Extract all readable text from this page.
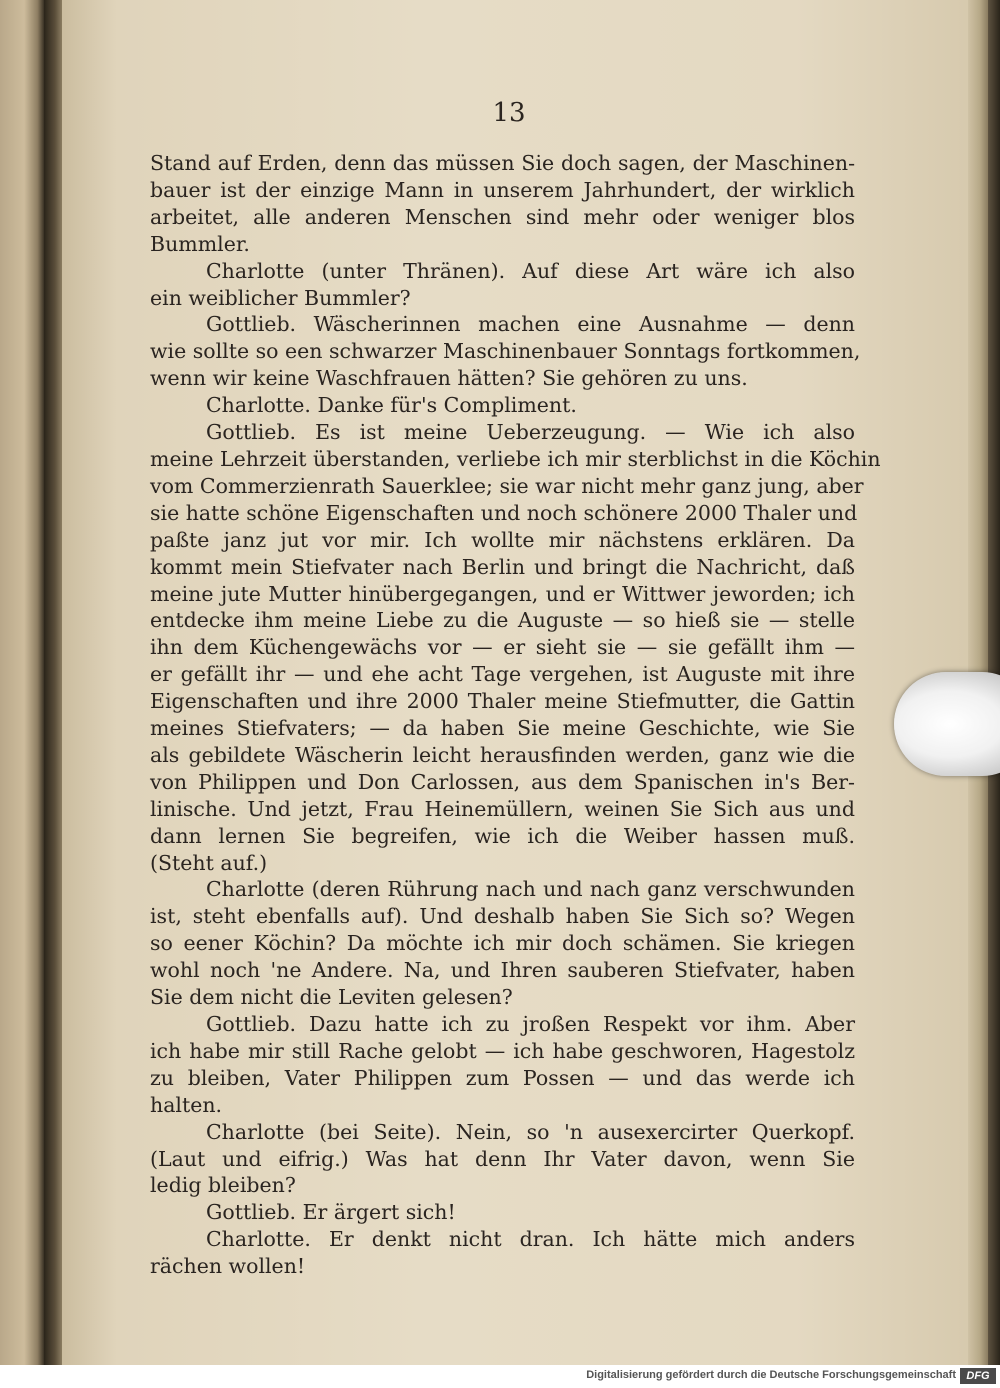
13
Stand auf Erden, denn das müssen Sie doch sagen, der Maschinen-
bauer ist der einzige Mann in unserem Jahrhundert, der wirklich
arbeitet, alle anderen Menschen sind mehr oder weniger blos
Bummler.
Charlotte (unter Thränen). Auf diese Art wäre ich also
ein weiblicher Bummler?
Gottlieb. Wäscherinnen machen eine Ausnahme — denn
wie sollte so een schwarzer Maschinenbauer Sonntags fortkommen,
wenn wir keine Waschfrauen hätten? Sie gehören zu uns.
Charlotte. Danke für's Compliment.
Gottlieb. Es ist meine Ueberzeugung. — Wie ich also
meine Lehrzeit überstanden, verliebe ich mir sterblichst in die Köchin
vom Commerzienrath Sauerklee; sie war nicht mehr ganz jung, aber
sie hatte schöne Eigenschaften und noch schönere 2000 Thaler und
paßte janz jut vor mir. Ich wollte mir nächstens erklären. Da
kommt mein Stiefvater nach Berlin und bringt die Nachricht, daß
meine jute Mutter hinübergegangen, und er Wittwer jeworden; ich
entdecke ihm meine Liebe zu die Auguste — so hieß sie — stelle
ihn dem Küchengewächs vor — er sieht sie — sie gefällt ihm —
er gefällt ihr — und ehe acht Tage vergehen, ist Auguste mit ihre
Eigenschaften und ihre 2000 Thaler meine Stiefmutter, die Gattin
meines Stiefvaters; — da haben Sie meine Geschichte, wie Sie
als gebildete Wäscherin leicht herausfinden werden, ganz wie die
von Philippen und Don Carlossen, aus dem Spanischen in's Ber-
linische. Und jetzt, Frau Heinemüllern, weinen Sie Sich aus und
dann lernen Sie begreifen, wie ich die Weiber hassen muß.
(Steht auf.)
Charlotte (deren Rührung nach und nach ganz verschwunden
ist, steht ebenfalls auf). Und deshalb haben Sie Sich so? Wegen
so eener Köchin? Da möchte ich mir doch schämen. Sie kriegen
wohl noch 'ne Andere. Na, und Ihren sauberen Stiefvater, haben
Sie dem nicht die Leviten gelesen?
Gottlieb. Dazu hatte ich zu jroßen Respekt vor ihm. Aber
ich habe mir still Rache gelobt — ich habe geschworen, Hagestolz
zu bleiben, Vater Philippen zum Possen — und das werde ich
halten.
Charlotte (bei Seite). Nein, so 'n ausexercirter Querkopf.
(Laut und eifrig.) Was hat denn Ihr Vater davon, wenn Sie
ledig bleiben?
Gottlieb. Er ärgert sich!
Charlotte. Er denkt nicht dran. Ich hätte mich anders
rächen wollen!
Digitalisierung gefördert durch die Deutsche Forschungsgemeinschaft DFG
